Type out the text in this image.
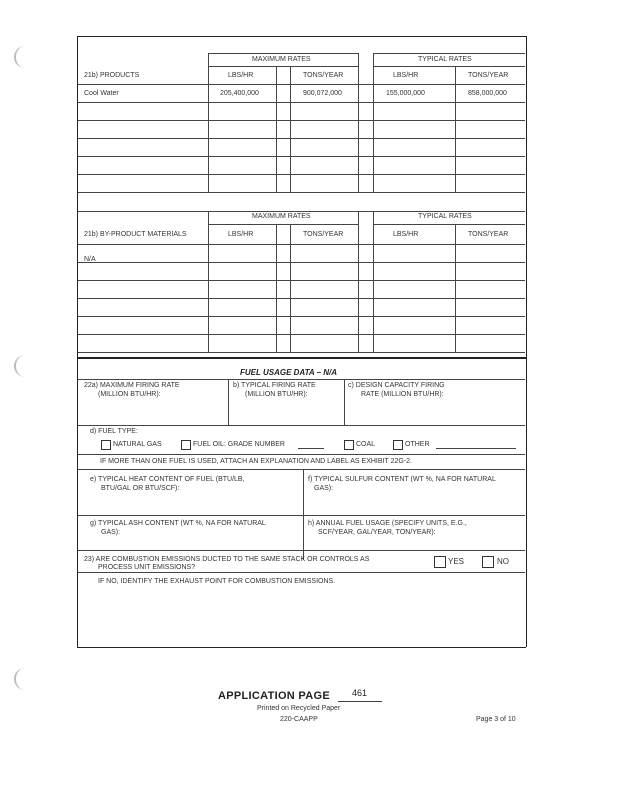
MAXIMUM RATES	TYPICAL RATES
21b) PRODUCTS	LBS/HR	TONS/YEAR	LBS/HR	TONS/YEAR
Cool Water	205,400,000	900,072,000	155,000,000	858,000,000
MAXIMUM RATES	TYPICAL RATES
21b) BY-PRODUCT MATERIALS	LBS/HR	TONS/YEAR	LBS/HR	TONS/YEAR
N/A
FUEL USAGE DATA – N/A
22a) MAXIMUM FIRING RATE
(MILLION BTU/HR):
b) TYPICAL FIRING RATE
(MILLION BTU/HR):
c) DESIGN CAPACITY FIRING
RATE (MILLION BTU/HR):
d) FUEL TYPE:
NATURAL GAS	FUEL OIL: GRADE NUMBER	COAL	OTHER
IF MORE THAN ONE FUEL IS USED, ATTACH AN EXPLANATION AND LABEL AS EXHIBIT 22G-2.
e) TYPICAL HEAT CONTENT OF FUEL (BTU/LB,
BTU/GAL OR BTU/SCF):
f) TYPICAL SULFUR CONTENT (WT %, NA FOR NATURAL
GAS):
g) TYPICAL ASH CONTENT (WT %, NA FOR NATURAL
GAS):
h) ANNUAL FUEL USAGE (SPECIFY UNITS, E.G.,
SCF/YEAR, GAL/YEAR, TON/YEAR):
23) ARE COMBUSTION EMISSIONS DUCTED TO THE SAME STACK OR CONTROLS AS
PROCESS UNIT EMISSIONS?
YES	NO
IF NO, IDENTIFY THE EXHAUST POINT FOR COMBUSTION EMISSIONS.
APPLICATION PAGE 461
Printed on Recycled Paper
220-CAAPP	Page 3 of 10
